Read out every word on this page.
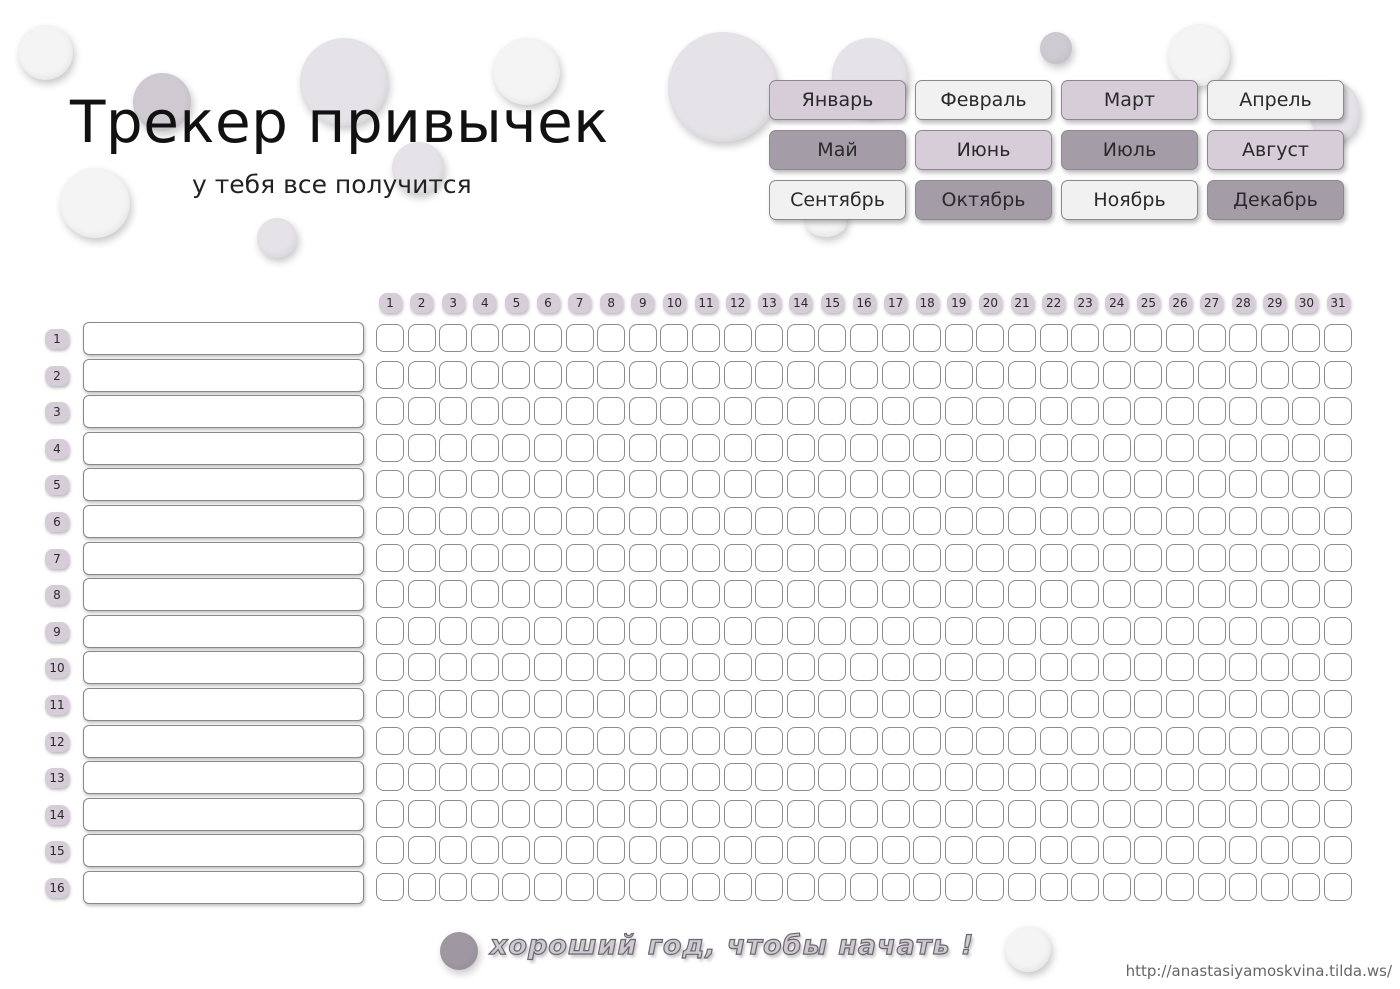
Трекер привычек
у тебя все получится
Январь	Февраль	Март	Апрель
Май	Июнь	Июль	Август
Сентябрь	Октябрь	Ноябрь	Декабрь
1	2	3	4	5	6	7	8	9	10	11	12	13	14	15	16	17	18	19	20	21	22	23	24	25	26	27	28	29	30	31
1
2
3
4
5
6
7
8
9
10
11
12
13
14
15
16
хороший год, чтобы начать !
http://anastasiyamoskvina.tilda.ws/
